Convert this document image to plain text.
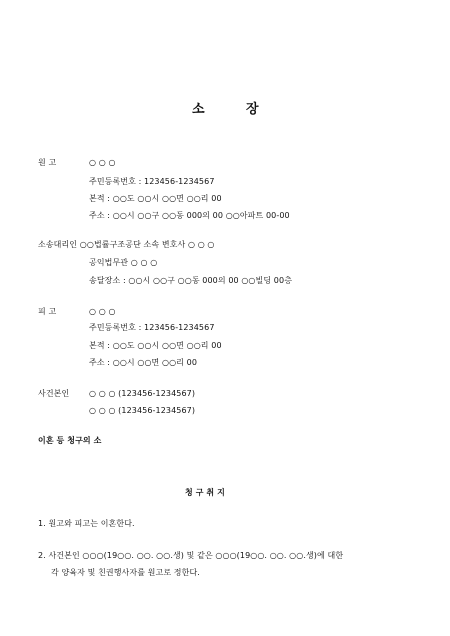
소	장
원 고	○ ○ ○
주민등록번호 : 123456-1234567
본적 : ○○도 ○○시 ○○면 ○○리 00
주소 : ○○시 ○○구 ○○동 000의 00 ○○아파트 00-00
소송대리인 ○○법률구조공단 소속 변호사 ○ ○ ○
공익법무관 ○ ○ ○
송달장소 : ○○시 ○○구 ○○동 000의 00 ○○빌딩 00층
피 고	○ ○ ○
주민등록번호 : 123456-1234567
본적 : ○○도 ○○시 ○○면 ○○리 00
주소 : ○○시 ○○면 ○○리 00
사건본인 ○ ○ ○ (123456-1234567)
○ ○ ○ (123456-1234567)
이혼 등 청구의 소
청 구 취 지
1. 원고와 피고는 이혼한다.
2. 사건본인 ○○○(19○○. ○○. ○○.생) 및 같은 ○○○(19○○. ○○. ○○.생)에 대한
각 양육자 및 친권행사자를 원고로 정한다.
